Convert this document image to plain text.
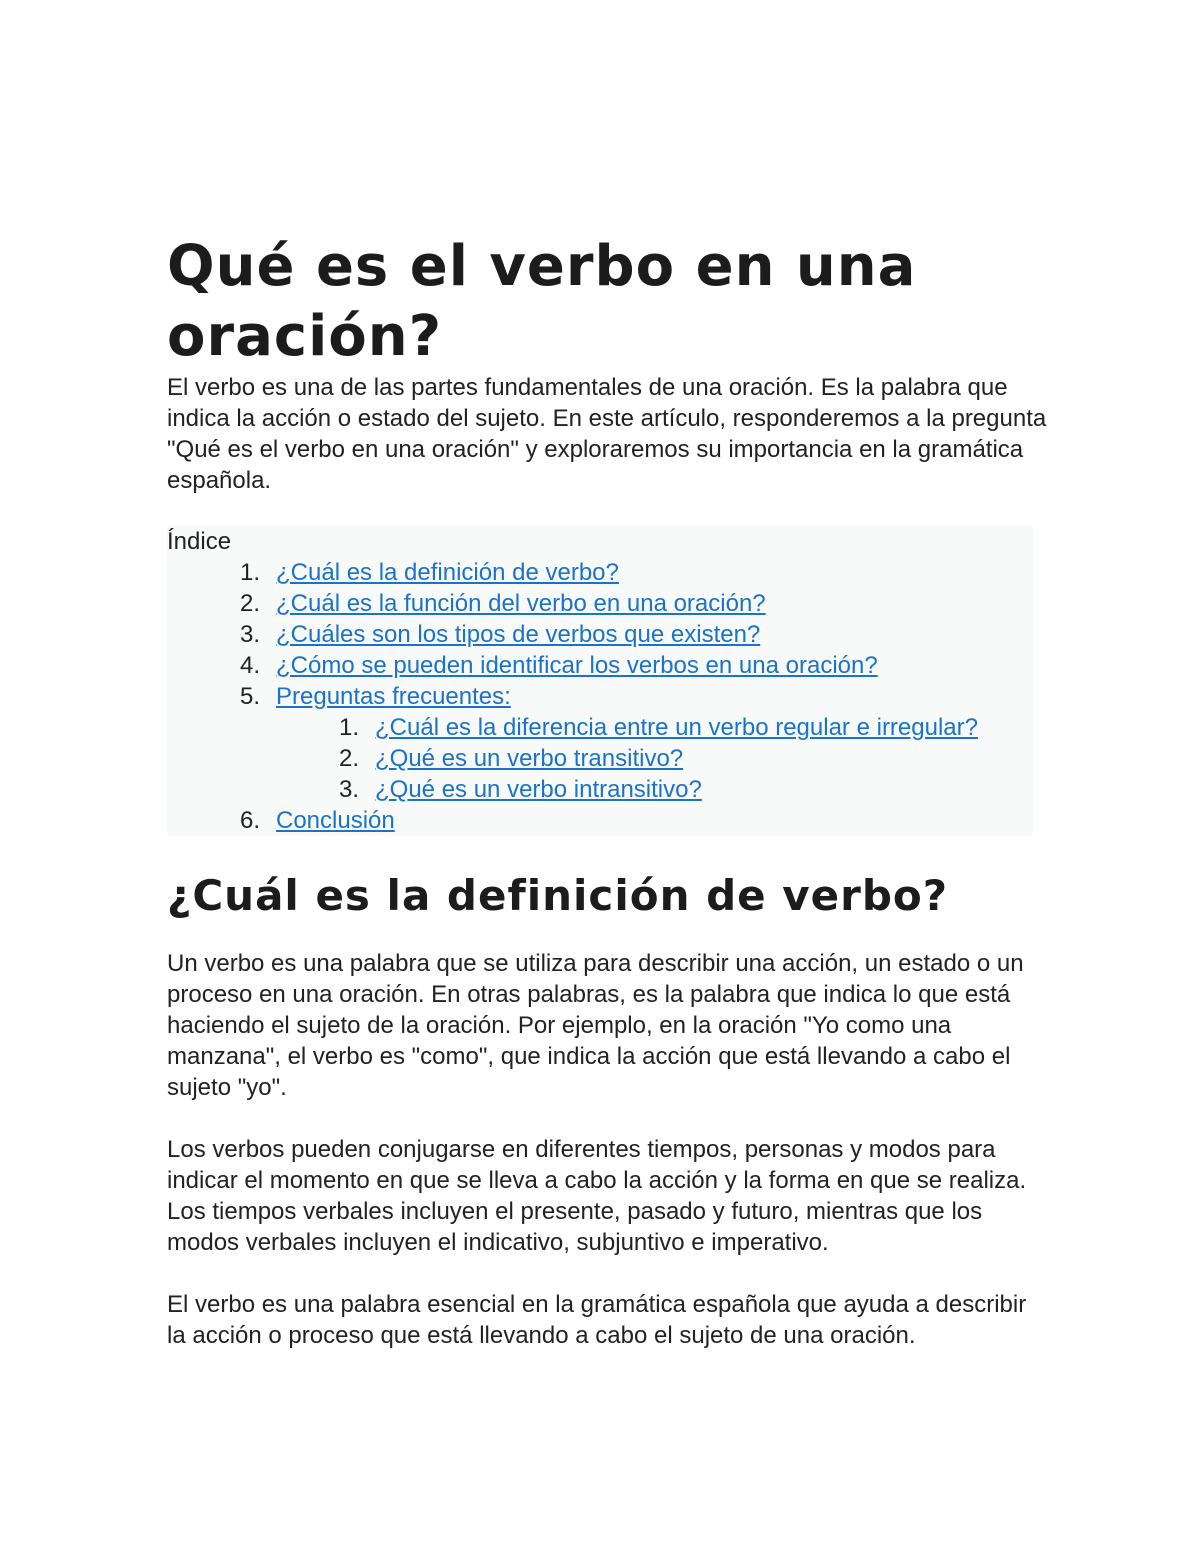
Qué es el verbo en una oración?

El verbo es una de las partes fundamentales de una oración. Es la palabra que indica la acción o estado del sujeto. En este artículo, responderemos a la pregunta "Qué es el verbo en una oración" y exploraremos su importancia en la gramática española.

Índice
1. ¿Cuál es la definición de verbo?
2. ¿Cuál es la función del verbo en una oración?
3. ¿Cuáles son los tipos de verbos que existen?
4. ¿Cómo se pueden identificar los verbos en una oración?
5. Preguntas frecuentes:
1. ¿Cuál es la diferencia entre un verbo regular e irregular?
2. ¿Qué es un verbo transitivo?
3. ¿Qué es un verbo intransitivo?
6. Conclusión
¿Cuál es la definición de verbo?

Un verbo es una palabra que se utiliza para describir una acción, un estado o un proceso en una oración. En otras palabras, es la palabra que indica lo que está haciendo el sujeto de la oración. Por ejemplo, en la oración "Yo como una manzana", el verbo es "como", que indica la acción que está llevando a cabo el sujeto "yo".

Los verbos pueden conjugarse en diferentes tiempos, personas y modos para indicar el momento en que se lleva a cabo la acción y la forma en que se realiza. Los tiempos verbales incluyen el presente, pasado y futuro, mientras que los modos verbales incluyen el indicativo, subjuntivo e imperativo.

El verbo es una palabra esencial en la gramática española que ayuda a describir la acción o proceso que está llevando a cabo el sujeto de una oración.
